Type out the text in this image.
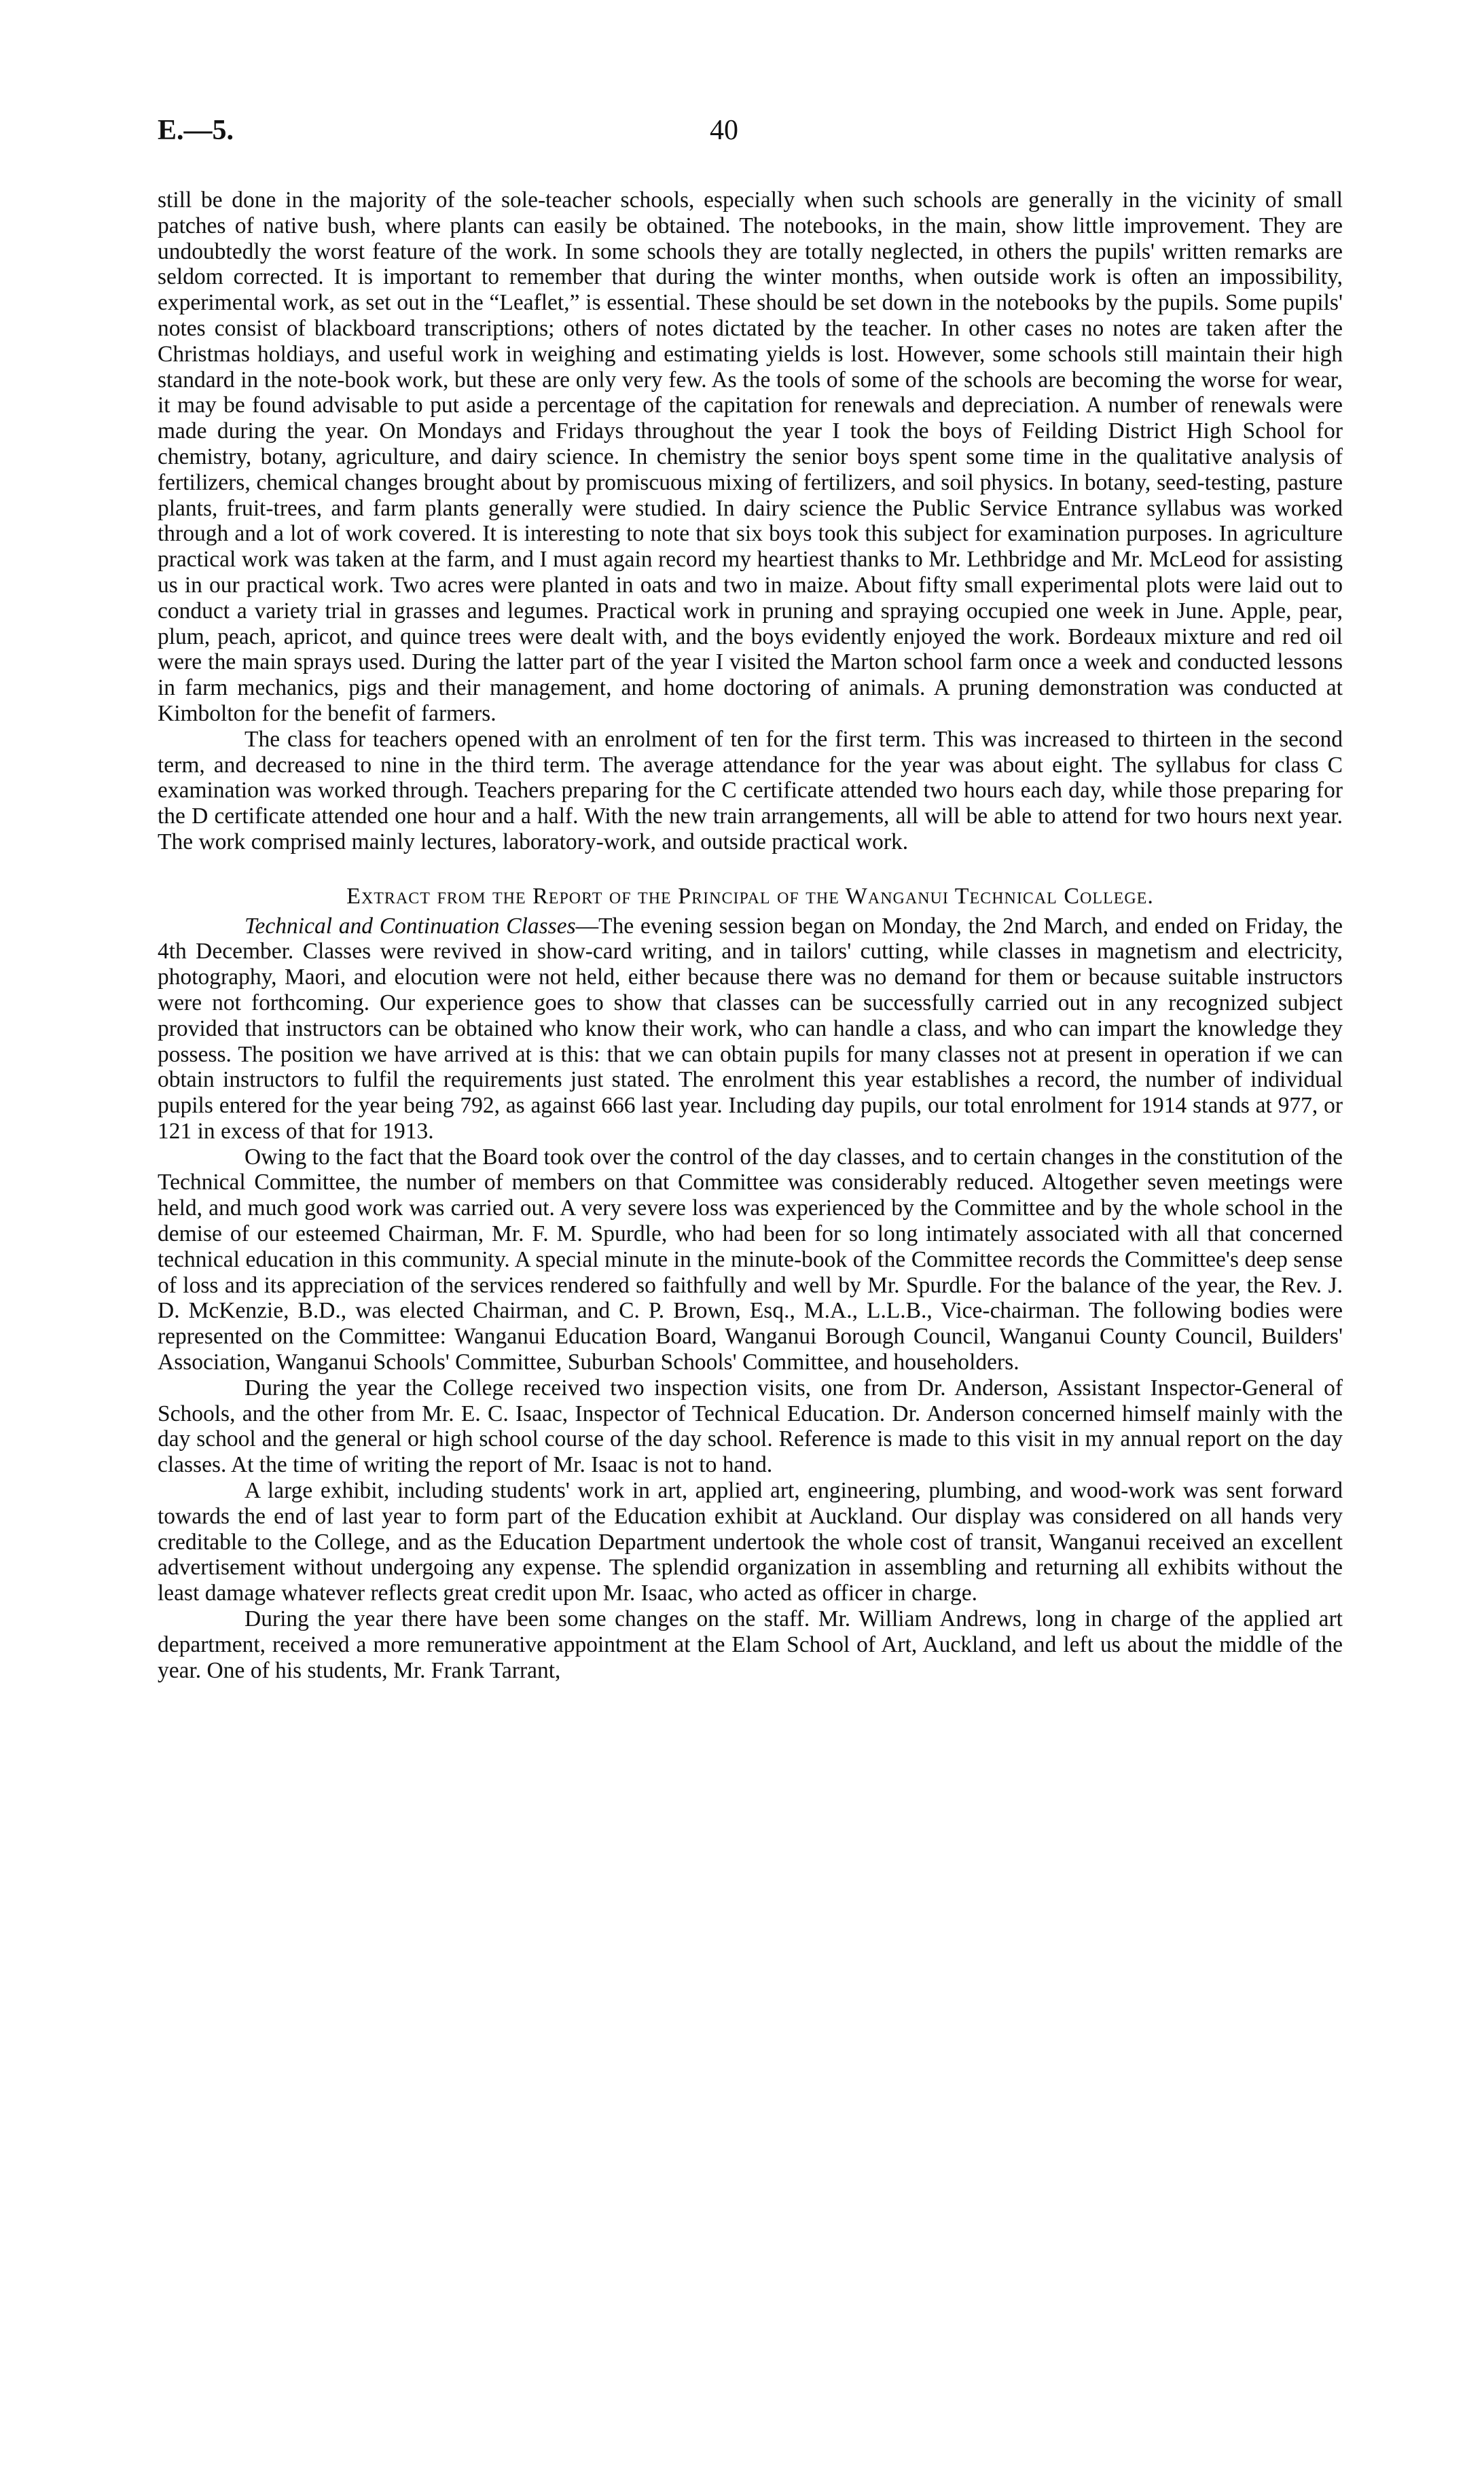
E.—5.	40

still be done in the majority of the sole-teacher schools, especially when such schools are generally in the vicinity of small patches of native bush, where plants can easily be obtained. The notebooks, in the main, show little improvement. They are undoubtedly the worst feature of the work. In some schools they are totally neglected, in others the pupils' written remarks are seldom corrected. It is important to remember that during the winter months, when outside work is often an impossibility, experimental work, as set out in the “Leaflet,” is essential. These should be set down in the notebooks by the pupils. Some pupils' notes consist of blackboard transcriptions; others of notes dictated by the teacher. In other cases no notes are taken after the Christmas holdiays, and useful work in weighing and estimating yields is lost. However, some schools still maintain their high standard in the note-book work, but these are only very few. As the tools of some of the schools are becoming the worse for wear, it may be found advisable to put aside a percentage of the capitation for renewals and depreciation. A number of renewals were made during the year. On Mondays and Fridays throughout the year I took the boys of Feilding District High School for chemistry, botany, agriculture, and dairy science. In chemistry the senior boys spent some time in the qualitative analysis of fertilizers, chemical changes brought about by promiscuous mixing of fertilizers, and soil physics. In botany, seed-testing, pasture plants, fruit-trees, and farm plants generally were studied. In dairy science the Public Service Entrance syllabus was worked through and a lot of work covered. It is interesting to note that six boys took this subject for examination purposes. In agriculture practical work was taken at the farm, and I must again record my heartiest thanks to Mr. Lethbridge and Mr. McLeod for assisting us in our practical work. Two acres were planted in oats and two in maize. About fifty small experimental plots were laid out to conduct a variety trial in grasses and legumes. Practical work in pruning and spraying occupied one week in June. Apple, pear, plum, peach, apricot, and quince trees were dealt with, and the boys evidently enjoyed the work. Bordeaux mixture and red oil were the main sprays used. During the latter part of the year I visited the Marton school farm once a week and conducted lessons in farm mechanics, pigs and their management, and home doctoring of animals. A pruning demonstration was conducted at Kimbolton for the benefit of farmers.

The class for teachers opened with an enrolment of ten for the first term. This was increased to thirteen in the second term, and decreased to nine in the third term. The average attendance for the year was about eight. The syllabus for class C examination was worked through. Teachers preparing for the C certificate attended two hours each day, while those preparing for the D certificate attended one hour and a half. With the new train arrangements, all will be able to attend for two hours next year. The work comprised mainly lectures, laboratory-work, and outside practical work.

Extract from the Report of the Principal of the Wanganui Technical College.

Technical and Continuation Classes—The evening session began on Monday, the 2nd March, and ended on Friday, the 4th December. Classes were revived in show-card writing, and in tailors' cutting, while classes in magnetism and electricity, photography, Maori, and elocution were not held, either because there was no demand for them or because suitable instructors were not forthcoming. Our experience goes to show that classes can be successfully carried out in any recognized subject provided that instructors can be obtained who know their work, who can handle a class, and who can impart the knowledge they possess. The position we have arrived at is this: that we can obtain pupils for many classes not at present in operation if we can obtain instructors to fulfil the requirements just stated. The enrolment this year establishes a record, the number of individual pupils entered for the year being 792, as against 666 last year. Including day pupils, our total enrolment for 1914 stands at 977, or 121 in excess of that for 1913.

Owing to the fact that the Board took over the control of the day classes, and to certain changes in the constitution of the Technical Committee, the number of members on that Committee was considerably reduced. Altogether seven meetings were held, and much good work was carried out. A very severe loss was experienced by the Committee and by the whole school in the demise of our esteemed Chairman, Mr. F. M. Spurdle, who had been for so long intimately associated with all that concerned technical education in this community. A special minute in the minute-book of the Committee records the Committee's deep sense of loss and its appreciation of the services rendered so faithfully and well by Mr. Spurdle. For the balance of the year, the Rev. J. D. McKenzie, B.D., was elected Chairman, and C. P. Brown, Esq., M.A., L.L.B., Vice-chairman. The following bodies were represented on the Committee: Wanganui Education Board, Wanganui Borough Council, Wanganui County Council, Builders' Association, Wanganui Schools' Committee, Suburban Schools' Committee, and householders.

During the year the College received two inspection visits, one from Dr. Anderson, Assistant Inspector-General of Schools, and the other from Mr. E. C. Isaac, Inspector of Technical Education. Dr. Anderson concerned himself mainly with the day school and the general or high school course of the day school. Reference is made to this visit in my annual report on the day classes. At the time of writing the report of Mr. Isaac is not to hand.

A large exhibit, including students' work in art, applied art, engineering, plumbing, and wood-work was sent forward towards the end of last year to form part of the Education exhibit at Auckland. Our display was considered on all hands very creditable to the College, and as the Education Department undertook the whole cost of transit, Wanganui received an excellent advertisement without undergoing any expense. The splendid organization in assembling and returning all exhibits without the least damage whatever reflects great credit upon Mr. Isaac, who acted as officer in charge.

During the year there have been some changes on the staff. Mr. William Andrews, long in charge of the applied art department, received a more remunerative appointment at the Elam School of Art, Auckland, and left us about the middle of the year. One of his students, Mr. Frank Tarrant,
